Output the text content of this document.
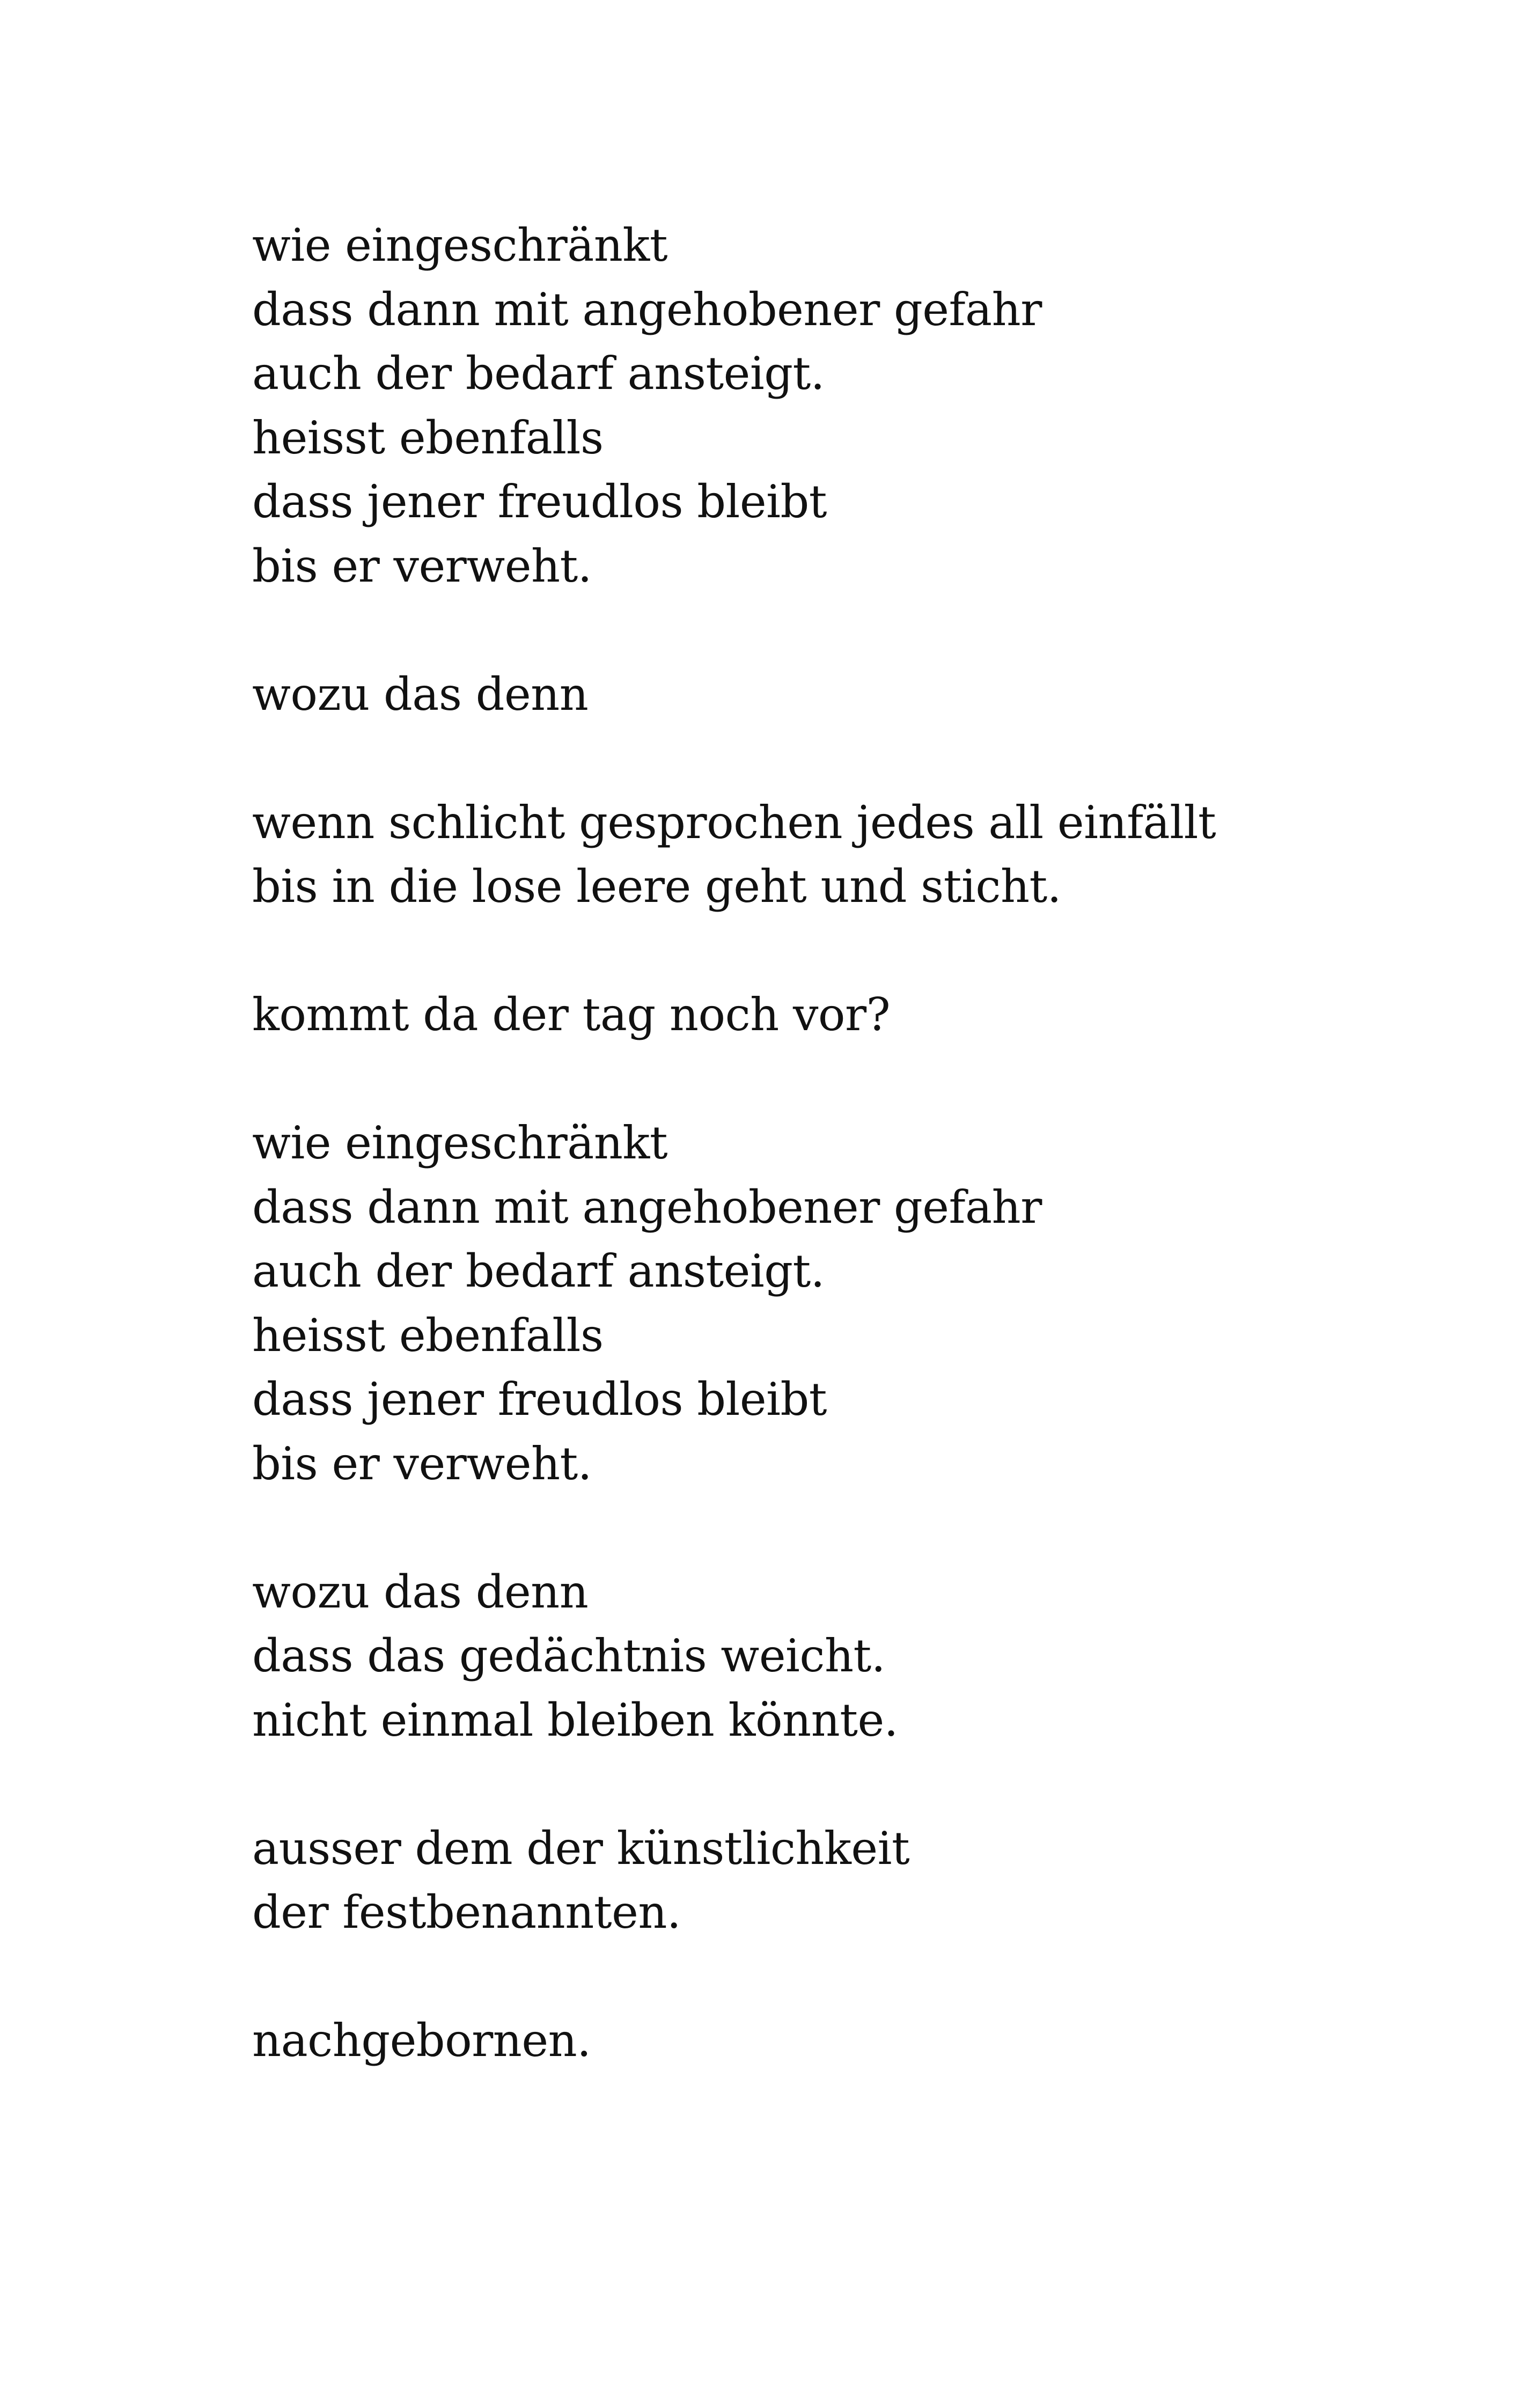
wie eingeschränkt
dass dann mit angehobener gefahr
auch der bedarf ansteigt.
heisst ebenfalls
dass jener freudlos bleibt
bis er verweht.
wozu das denn
wenn schlicht gesprochen jedes all einfällt
bis in die lose leere geht und sticht.
kommt da der tag noch vor?
wie eingeschränkt
dass dann mit angehobener gefahr
auch der bedarf ansteigt.
heisst ebenfalls
dass jener freudlos bleibt
bis er verweht.
wozu das denn
dass das gedächtnis weicht.
nicht einmal bleiben könnte.
ausser dem der künstlichkeit
der festbenannten.
nachgebornen.
